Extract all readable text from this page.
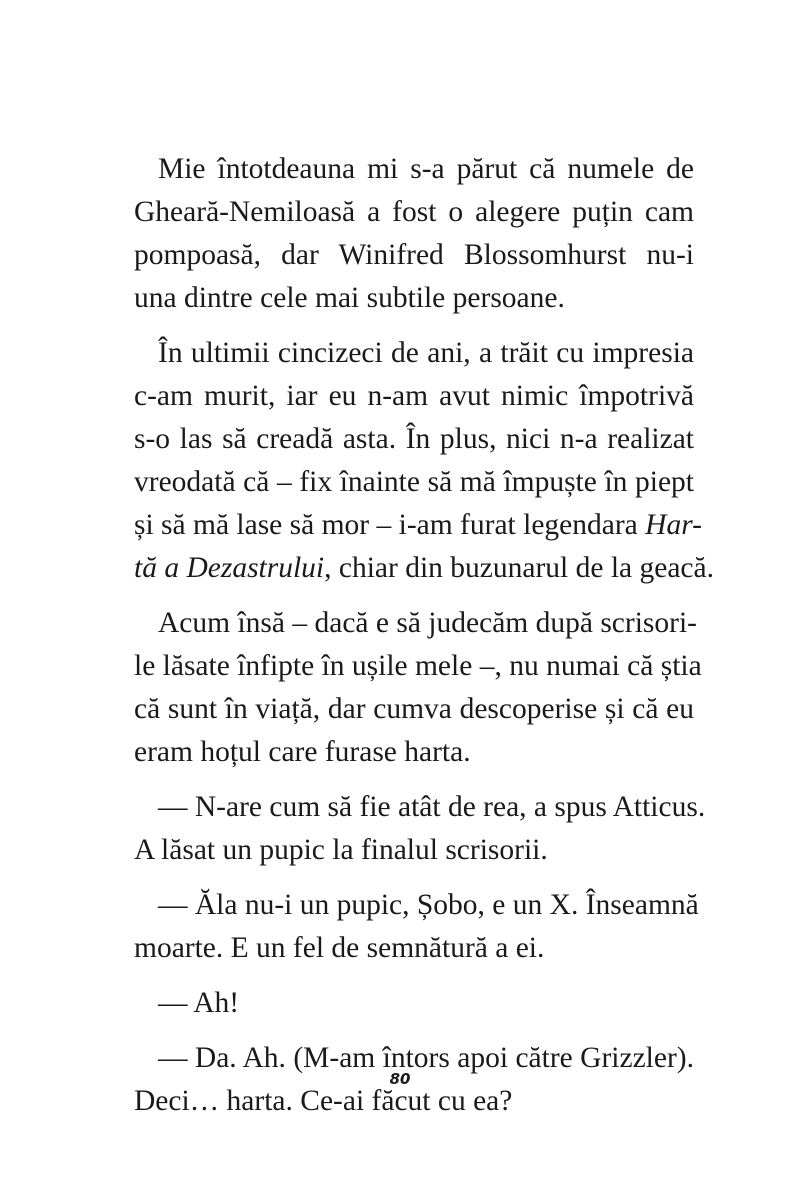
Mie întotdeauna mi s-a părut că numele de
Gheară-Nemiloasă a fost o alegere puțin cam
pompoasă, dar Winifred Blossomhurst nu-i
una dintre cele mai subtile persoane.
În ultimii cincizeci de ani, a trăit cu impresia
c-am murit, iar eu n-am avut nimic împotrivă
s-o las să creadă asta. În plus, nici n-a realizat
vreodată că – fix înainte să mă împuște în piept
și să mă lase să mor – i-am furat legendara Har-
tă a Dezastrului, chiar din buzunarul de la geacă.
Acum însă – dacă e să judecăm după scrisori-
le lăsate înfipte în ușile mele –, nu numai că știa
că sunt în viață, dar cumva descoperise și că eu
eram hoțul care furase harta.
— N-are cum să fie atât de rea, a spus Atticus.
A lăsat un pupic la finalul scrisorii.
— Ăla nu-i un pupic, Șobo, e un X. Înseamnă
moarte. E un fel de semnătură a ei.
— Ah!
— Da. Ah. (M-am întors apoi către Grizzler).
Deci… harta. Ce-ai făcut cu ea?
80
